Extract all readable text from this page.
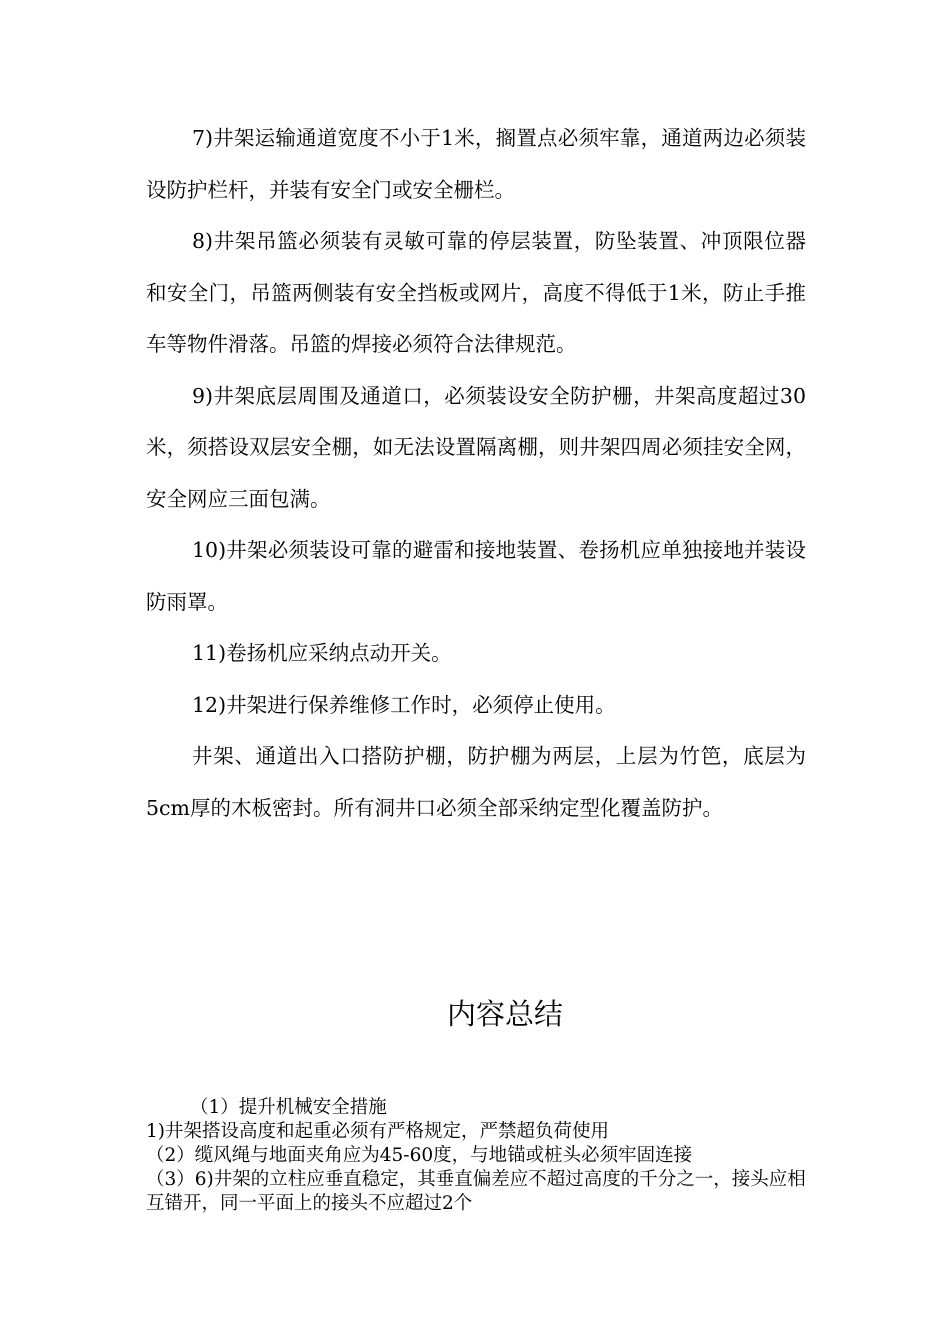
7)井架运输通道宽度不小于1米，搁置点必须牢靠，通道两边必须装设防护栏杆，并装有安全门或安全栅栏。

8)井架吊篮必须装有灵敏可靠的停层装置，防坠装置、冲顶限位器和安全门，吊篮两侧装有安全挡板或网片，高度不得低于1米，防止手推车等物件滑落。吊篮的焊接必须符合法律规范。

9)井架底层周围及通道口，必须装设安全防护栅，井架高度超过30米，须搭设双层安全棚，如无法设置隔离棚，则井架四周必须挂安全网，安全网应三面包满。

10)井架必须装设可靠的避雷和接地装置、卷扬机应单独接地并装设防雨罩。

11)卷扬机应采纳点动开关。

12)井架进行保养维修工作时，必须停止使用。

井架、通道出入口搭防护棚，防护棚为两层，上层为竹笆，底层为5cm厚的木板密封。所有洞井口必须全部采纳定型化覆盖防护。

内容总结

（1）提升机械安全措施

1)井架搭设高度和起重必须有严格规定，严禁超负荷使用

（2）缆风绳与地面夹角应为45-60度，与地锚或桩头必须牢固连接

（3）6)井架的立柱应垂直稳定，其垂直偏差应不超过高度的千分之一，接头应相互错开，同一平面上的接头不应超过2个
